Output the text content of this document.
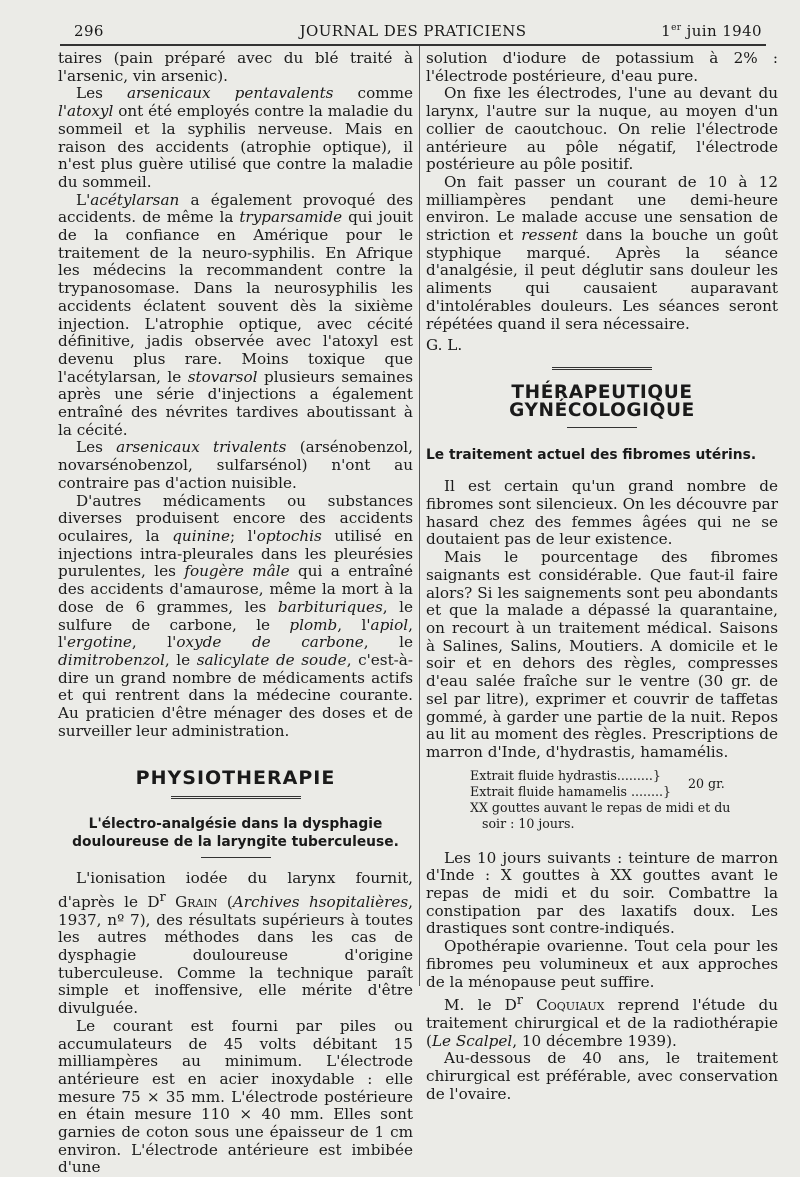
296	JOURNAL DES PRATICIENS	1er juin 1940

taires (pain préparé avec du blé traité à l'arsenic, vin arsenic).

Les arsenicaux pentavalents comme l'atoxyl ont été employés contre la maladie du sommeil et la syphilis nerveuse. Mais en raison des accidents (atrophie optique), il n'est plus guère utilisé que contre la maladie du sommeil.

L'acétylarsan a également provoqué des accidents. de même la tryparsamide qui jouit de la confiance en Amérique pour le traitement de la neuro-syphilis. En Afrique les médecins la recommandent contre la trypanosomase. Dans la neurosyphilis les accidents éclatent souvent dès la sixième injection. L'atrophie optique, avec cécité définitive, jadis observée avec l'atoxyl est devenu plus rare. Moins toxique que l'acétylarsan, le stovarsol plusieurs semaines après une série d'injections a également entraîné des névrites tardives aboutissant à la cécité.

Les arsenicaux trivalents (arsénobenzol, novarsénobenzol, sulfarsénol) n'ont au contraire pas d'action nuisible.

D'autres médicaments ou substances diverses produisent encore des accidents oculaires, la quinine; l'optochis utilisé en injections intra-pleurales dans les pleurésies purulentes, les fougère mâle qui a entraîné des accidents d'amaurose, même la mort à la dose de 6 grammes, les barbituriques, le sulfure de carbone, le plomb, l'apiol, l'ergotine, l'oxyde de carbone, le dimitrobenzol, le salicylate de soude, c'est-à-dire un grand nombre de médicaments actifs et qui rentrent dans la médecine courante. Au praticien d'être ménager des doses et de surveiller leur administration.

PHYSIOTHERAPIE
L'électro-analgésie dans la dysphagie douloureuse de la laryngite tuberculeuse.

L'ionisation iodée du larynx fournit, d'après le $D^r$ Grain (Archives hsopitalières, 1937, nº 7), des résultats supérieurs à toutes les autres méthodes dans les cas de dysphagie douloureuse d'origine tuberculeuse. Comme la technique paraît simple et inoffensive, elle mérite d'être divulguée.

Le courant est fourni par piles ou accumulateurs de 45 volts débitant 15 milliampères au minimum. L'électrode antérieure est en acier inoxydable : elle mesure 75 × 35 mm. L'électrode postérieure en étain mesure 110 × 40 mm. Elles sont garnies de coton sous une épaisseur de 1 cm environ. L'électrode antérieure est imbibée d'une

solution d'iodure de potassium à 2% : l'électrode postérieure, d'eau pure.

On fixe les électrodes, l'une au devant du larynx, l'autre sur la nuque, au moyen d'un collier de caoutchouc. On relie l'électrode antérieure au pôle négatif, l'électrode postérieure au pôle positif.

On fait passer un courant de 10 à 12 milliampères pendant une demi-heure environ. Le malade accuse une sensation de striction et ressent dans la bouche un goût styphique marqué. Après la séance d'analgésie, il peut déglutir sans douleur les aliments qui causaient auparavant d'intolérables douleurs. Les séances seront répétées quand il sera nécessaire.

G. L.

THÉRAPEUTIQUE GYNÉCOLOGIQUE
Le traitement actuel des fibromes utérins.

Il est certain qu'un grand nombre de fibromes sont silencieux. On les découvre par hasard chez des femmes âgées qui ne se doutaient pas de leur existence.

Mais le pourcentage des fibromes saignants est considérable. Que faut-il faire alors? Si les saignements sont peu abondants et que la malade a dépassé la quarantaine, on recourt à un traitement médical. Saisons à Salines, Salins, Moutiers. A domicile et le soir et en dehors des règles, compresses d'eau salée fraîche sur le ventre (30 gr. de sel par litre), exprimer et couvrir de taffetas gommé, à garder une partie de la nuit. Repos au lit au moment des règles. Prescriptions de marron d'Inde, d'hydrastis, hamamélis.

Extrait fluide hydrastis.........}
Extrait fluide hamamelis ........}
20 gr.
XX gouttes auvant le repas de midi et du
soir : 10 jours.

Les 10 jours suivants : teinture de marron d'Inde : X gouttes à XX gouttes avant le repas de midi et du soir. Combattre la constipation par des laxatifs doux. Les drastiques sont contre-indiqués.

Opothérapie ovarienne. Tout cela pour les fibromes peu volumineux et aux approches de la ménopause peut suffire.

M. le $D^r$ Coquiaux reprend l'étude du traitement chirurgical et de la radiothérapie (Le Scalpel, 10 décembre 1939).

Au-dessous de 40 ans, le traitement chirurgical est préférable, avec conservation de l'ovaire.
